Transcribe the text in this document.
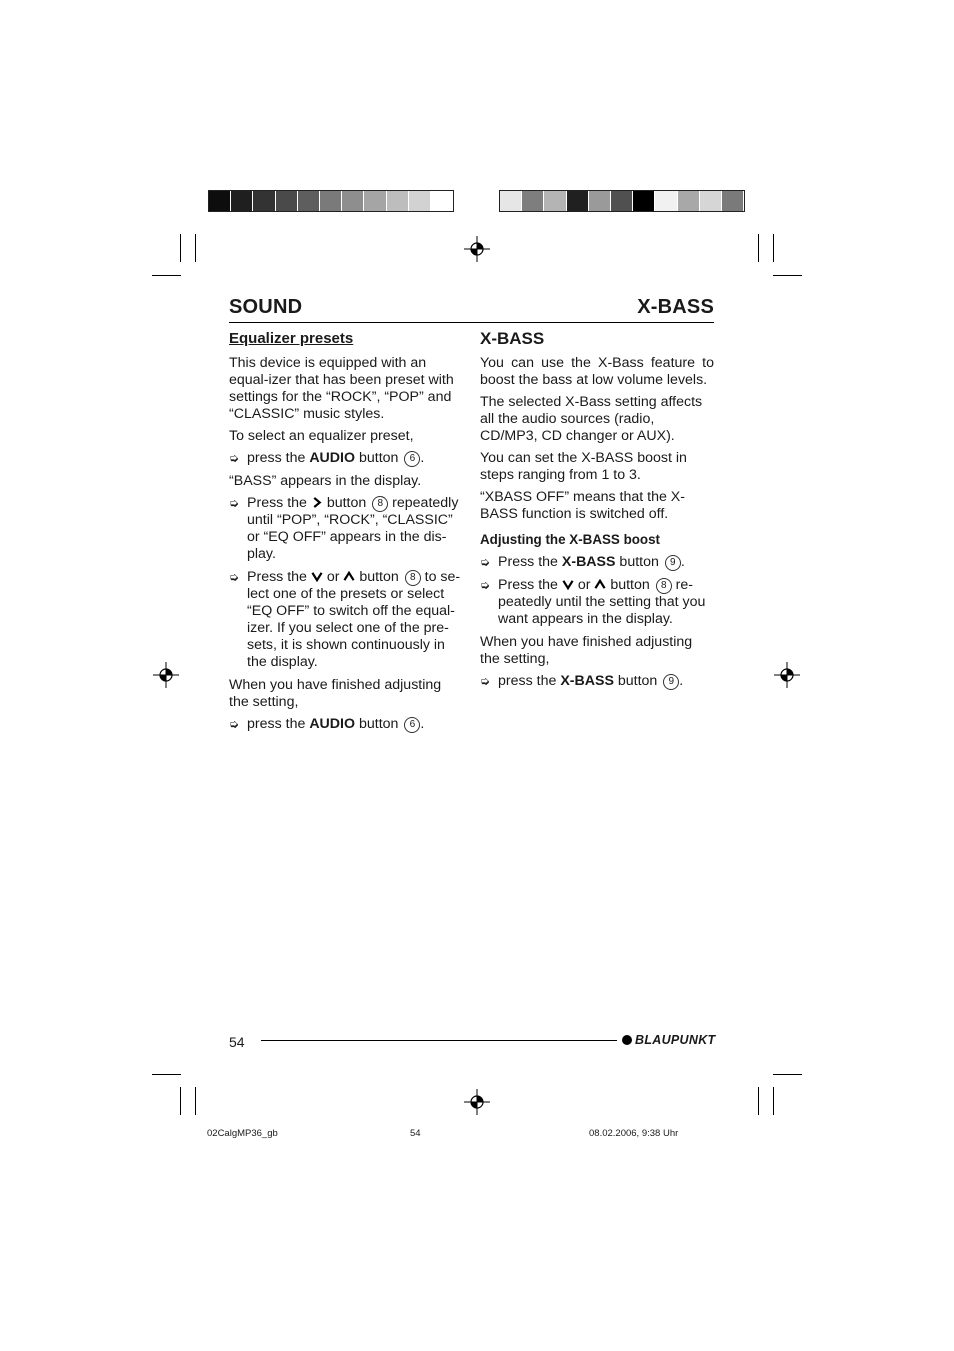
SOUND	X-BASS

Equalizer presets

This device is equipped with an equal-izer that has been preset with settings for the “ROCK”, “POP” and “CLASSIC” music styles.

To select an equalizer preset,

➭ press the AUDIO button 6 .

“BASS” appears in the display.

➭ Press the  button 8 repeatedly until “POP”, “ROCK”, “CLASSIC” or “EQ OFF” appears in the dis-play.

➭ Press the  or  button 8 to se-lect one of the presets or select “EQ OFF” to switch off the equal-izer. If you select one of the pre-sets, it is shown continuously in the display.

When you have finished adjusting the setting,

➭ press the AUDIO button 6 .

X-BASS

You can use the X-Bass feature to boost the bass at low volume levels.

The selected X-Bass setting affects all the audio sources (radio, CD/MP3, CD changer or AUX).

You can set the X-BASS boost in steps ranging from 1 to 3.

“XBASS OFF” means that the X-BASS function is switched off.

Adjusting the X-BASS boost

➭ Press the X-BASS button 9 .

➭ Press the  or  button 8 re-peatedly until the setting that you want appears in the display.

When you have finished adjusting the setting,

➭ press the X-BASS button 9 .

54	BLAUPUNKT
02CalgMP36_gb	54	08.02.2006, 9:38 Uhr
